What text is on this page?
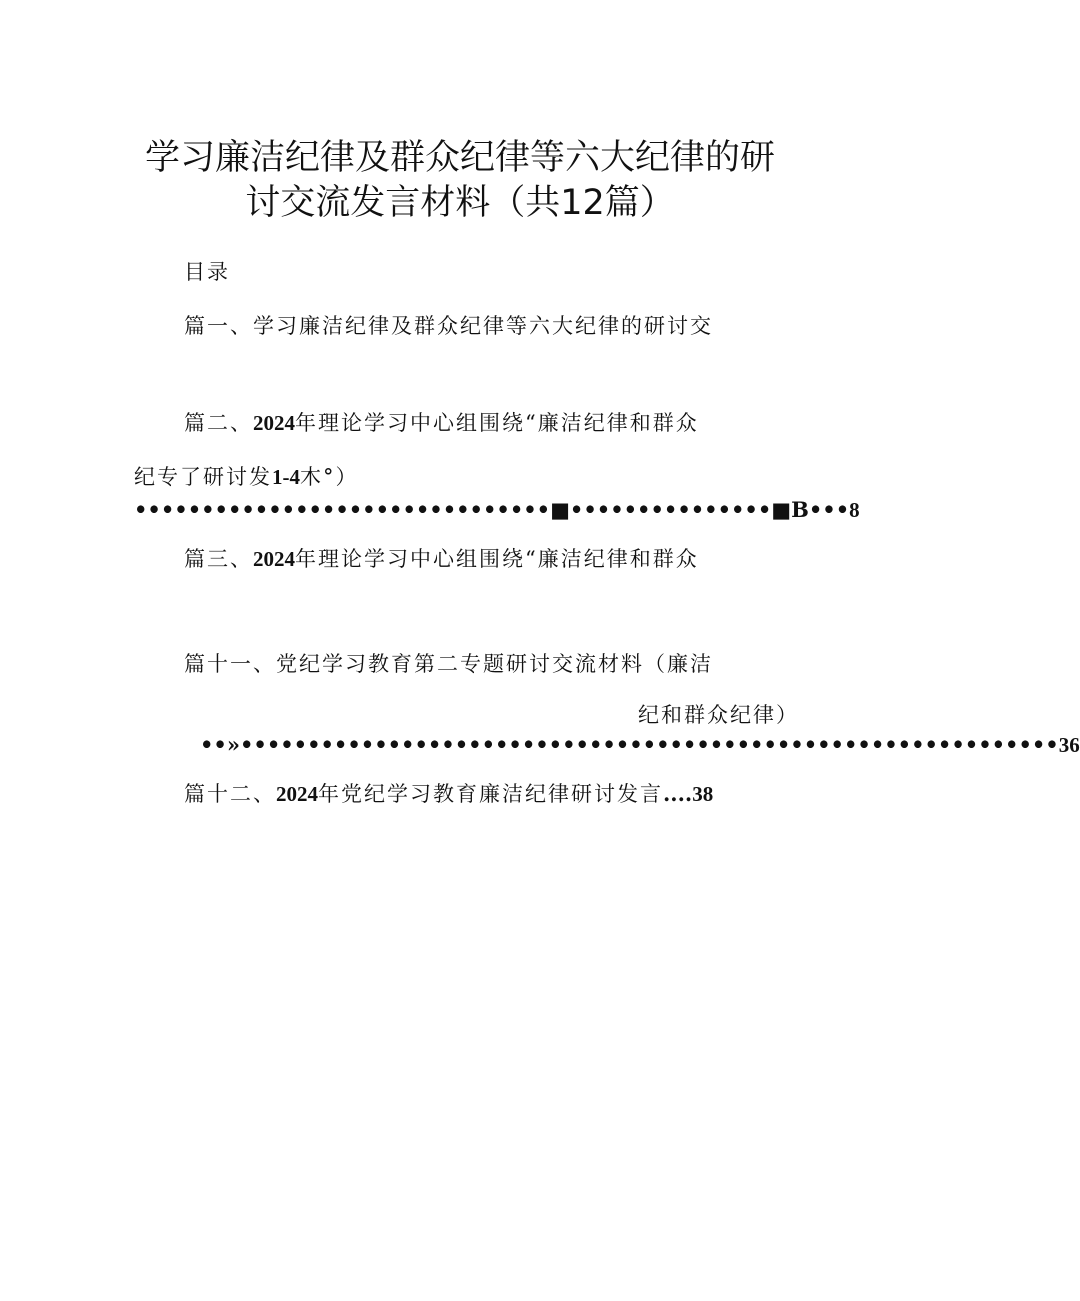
学习廉洁纪律及群众纪律等六大纪律的研
讨交流发言材料（共12篇）
目录
篇一、学习廉洁纪律及群众纪律等六大纪律的研讨交
篇二、2024年理论学习中心组围绕“廉洁纪律和群众
纪专了研讨发1-4木°）
•••••••••••••••••••••••••••••••■•••••••••••••••■B•••8
篇三、2024年理论学习中心组围绕“廉洁纪律和群众
篇十一、党纪学习教育第二专题研讨交流材料（廉洁
纪和群众纪律）
••»•••••••••••••••••••••••••••••••••••••••••••••••••••••••••••••36
篇十二、2024年党纪学习教育廉洁纪律研讨发言....38
